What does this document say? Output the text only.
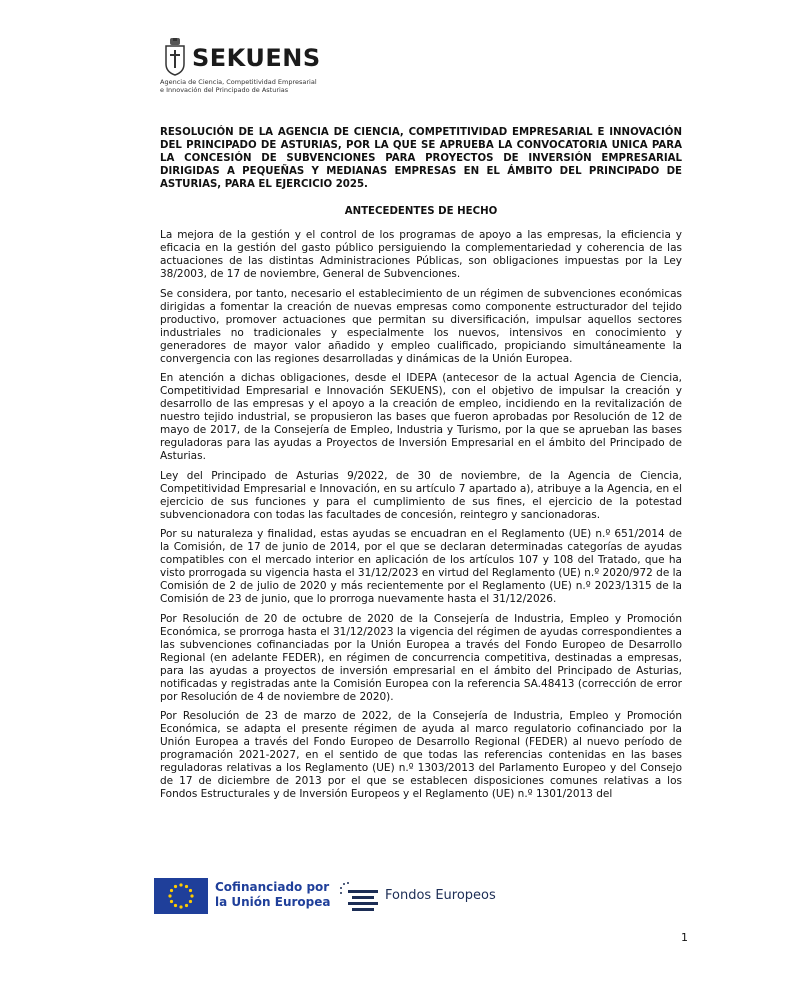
SEKUENS
Agencia de Ciencia, Competitividad Empresarial
e Innovación del Principado de Asturias

RESOLUCIÓN DE LA AGENCIA DE CIENCIA, COMPETITIVIDAD EMPRESARIAL E INNOVACIÓN DEL PRINCIPADO DE ASTURIAS, POR LA QUE SE APRUEBA LA CONVOCATORIA UNICA PARA LA CONCESIÓN DE SUBVENCIONES PARA PROYECTOS DE INVERSIÓN EMPRESARIAL DIRIGIDAS A PEQUEÑAS Y MEDIANAS EMPRESAS EN EL ÁMBITO DEL PRINCIPADO DE ASTURIAS, PARA EL EJERCICIO 2025.

ANTECEDENTES DE HECHO

La mejora de la gestión y el control de los programas de apoyo a las empresas, la eficiencia y eficacia en la gestión del gasto público persiguiendo la complementariedad y coherencia de las actuaciones de las distintas Administraciones Públicas, son obligaciones impuestas por la Ley 38/2003, de 17 de noviembre, General de Subvenciones.

Se considera, por tanto, necesario el establecimiento de un régimen de subvenciones económicas dirigidas a fomentar la creación de nuevas empresas como componente estructurador del tejido productivo, promover actuaciones que permitan su diversificación, impulsar aquellos sectores industriales no tradicionales y especialmente los nuevos, intensivos en conocimiento y generadores de mayor valor añadido y empleo cualificado, propiciando simultáneamente la convergencia con las regiones desarrolladas y dinámicas de la Unión Europea.

En atención a dichas obligaciones, desde el IDEPA (antecesor de la actual Agencia de Ciencia, Competitividad Empresarial e Innovación SEKUENS), con el objetivo de impulsar la creación y desarrollo de las empresas y el apoyo a la creación de empleo, incidiendo en la revitalización de nuestro tejido industrial, se propusieron las bases que fueron aprobadas por Resolución de 12 de mayo de 2017, de la Consejería de Empleo, Industria y Turismo, por la que se aprueban las bases reguladoras para las ayudas a Proyectos de Inversión Empresarial en el ámbito del Principado de Asturias.

Ley del Principado de Asturias 9/2022, de 30 de noviembre, de la Agencia de Ciencia, Competitividad Empresarial e Innovación, en su artículo 7 apartado a), atribuye a la Agencia, en el ejercicio de sus funciones y para el cumplimiento de sus fines, el ejercicio de la potestad subvencionadora con todas las facultades de concesión, reintegro y sancionadoras.

Por su naturaleza y finalidad, estas ayudas se encuadran en el Reglamento (UE) n.º 651/2014 de la Comisión, de 17 de junio de 2014, por el que se declaran determinadas categorías de ayudas compatibles con el mercado interior en aplicación de los artículos 107 y 108 del Tratado, que ha visto prorrogada su vigencia hasta el 31/12/2023 en virtud del Reglamento (UE) n.º 2020/972 de la Comisión de 2 de julio de 2020 y más recientemente por el Reglamento (UE) n.º 2023/1315 de la Comisión de 23 de junio, que lo prorroga nuevamente hasta el 31/12/2026.

Por Resolución de 20 de octubre de 2020 de la Consejería de Industria, Empleo y Promoción Económica, se prorroga hasta el 31/12/2023 la vigencia del régimen de ayudas correspondientes a las subvenciones cofinanciadas por la Unión Europea a través del Fondo Europeo de Desarrollo Regional (en adelante FEDER), en régimen de concurrencia competitiva, destinadas a empresas, para las ayudas a proyectos de inversión empresarial en el ámbito del Principado de Asturias, notificadas y registradas ante la Comisión Europea con la referencia SA.48413 (corrección de error por Resolución de 4 de noviembre de 2020).

Por Resolución de 23 de marzo de 2022, de la Consejería de Industria, Empleo y Promoción Económica, se adapta el presente régimen de ayuda al marco regulatorio cofinanciado por la Unión Europea a través del Fondo Europeo de Desarrollo Regional (FEDER) al nuevo período de programación 2021-2027, en el sentido de que todas las referencias contenidas en las bases reguladoras relativas a los Reglamento (UE) n.º 1303/2013 del Parlamento Europeo y del Consejo de 17 de diciembre de 2013 por el que se establecen disposiciones comunes relativas a los Fondos Estructurales y de Inversión Europeos y el Reglamento (UE) n.º 1301/2013 del

Cofinanciado por
la Unión Europea	Fondos Europeos
1
